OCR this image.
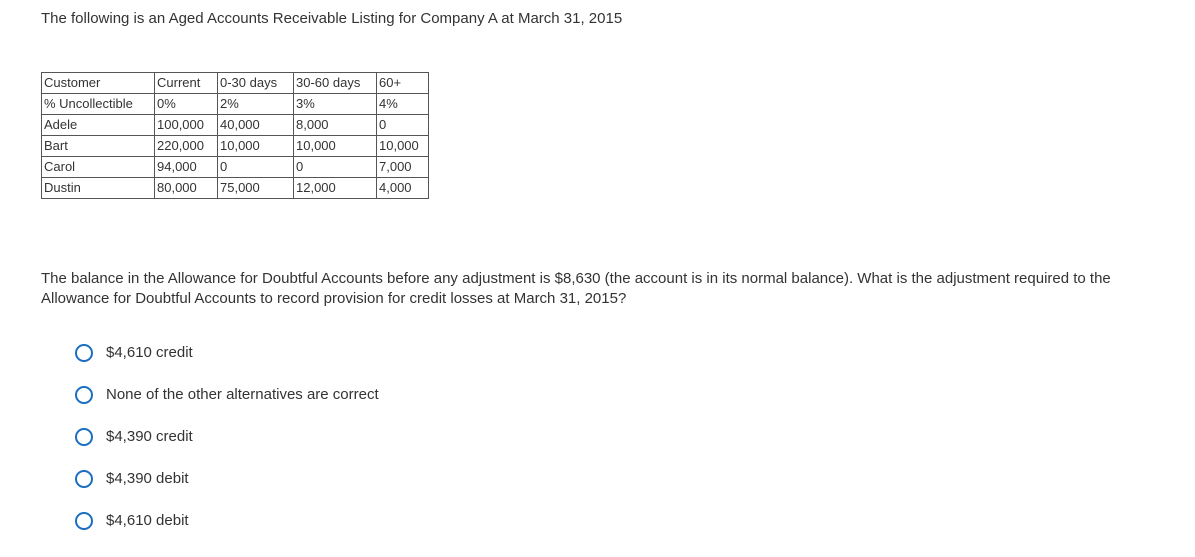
The following is an Aged Accounts Receivable Listing for Company A at March 31, 2015

Customer	Current	0-30 days	30-60 days	60+
% Uncollectible	0%	2%	3%	4%
Adele	100,000	40,000	8,000	0
Bart	220,000	10,000	10,000	10,000
Carol	94,000	0	0	7,000
Dustin	80,000	75,000	12,000	4,000

The balance in the Allowance for Doubtful Accounts before any adjustment is $8,630 (the account is in its normal balance). What is the adjustment required to the Allowance for Doubtful Accounts to record provision for credit losses at March 31, 2015?

$4,610 credit
None of the other alternatives are correct
$4,390 credit
$4,390 debit
$4,610 debit
